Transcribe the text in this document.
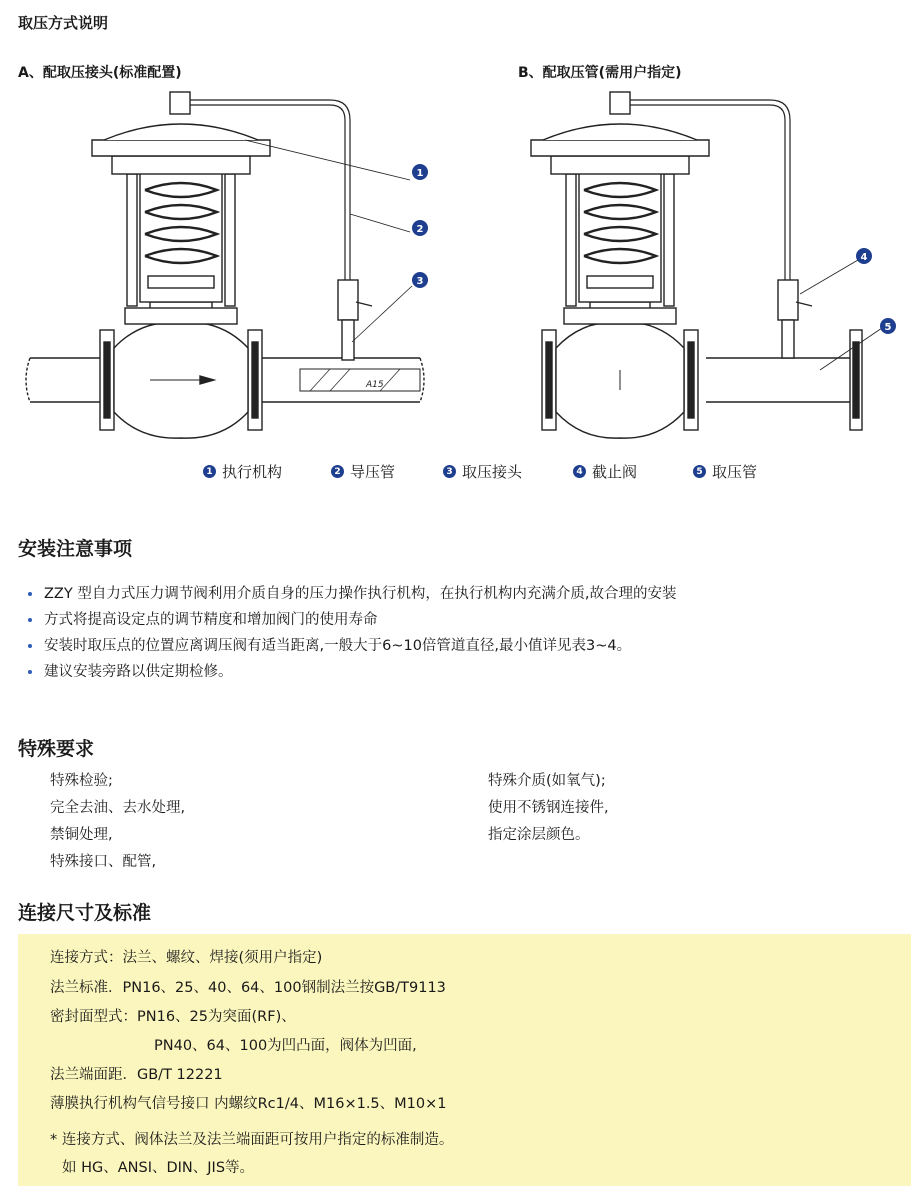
取压方式说明
A、配取压接头(标准配置)	B、配取压管(需用户指定)
A15
1
2
3
4
5
1 执行机构	2 导压管	3 取压接头	4 截止阀	5 取压管
安装注意事项
ZZY 型自力式压力调节阀利用介质自身的压力操作执行机构，在执行机构内充满介质,故合理的安装
方式将提高设定点的调节精度和增加阀门的使用寿命
安装时取压点的位置应离调压阀有适当距离,一般大于6~10倍管道直径,最小值详见表3~4。
建议安装旁路以供定期检修。
特殊要求
特殊检验;
完全去油、去水处理,
禁铜处理,
特殊接口、配管,
特殊介质(如氧气);
使用不锈钢连接件,
指定涂层颜色。
连接尺寸及标准
连接方式：法兰、螺纹、焊接(须用户指定)
法兰标准．PN16、25、40、64、100钢制法兰按GB/T9113
密封面型式：PN16、25为突面(RF)、
PN40、64、100为凹凸面，阀体为凹面,
法兰端面距．GB/T 12221
薄膜执行机构气信号接口 内螺纹Rc1/4、M16×1.5、M10×1
* 连接方式、阀体法兰及法兰端面距可按用户指定的标准制造。
如 HG、ANSI、DIN、JIS等。
